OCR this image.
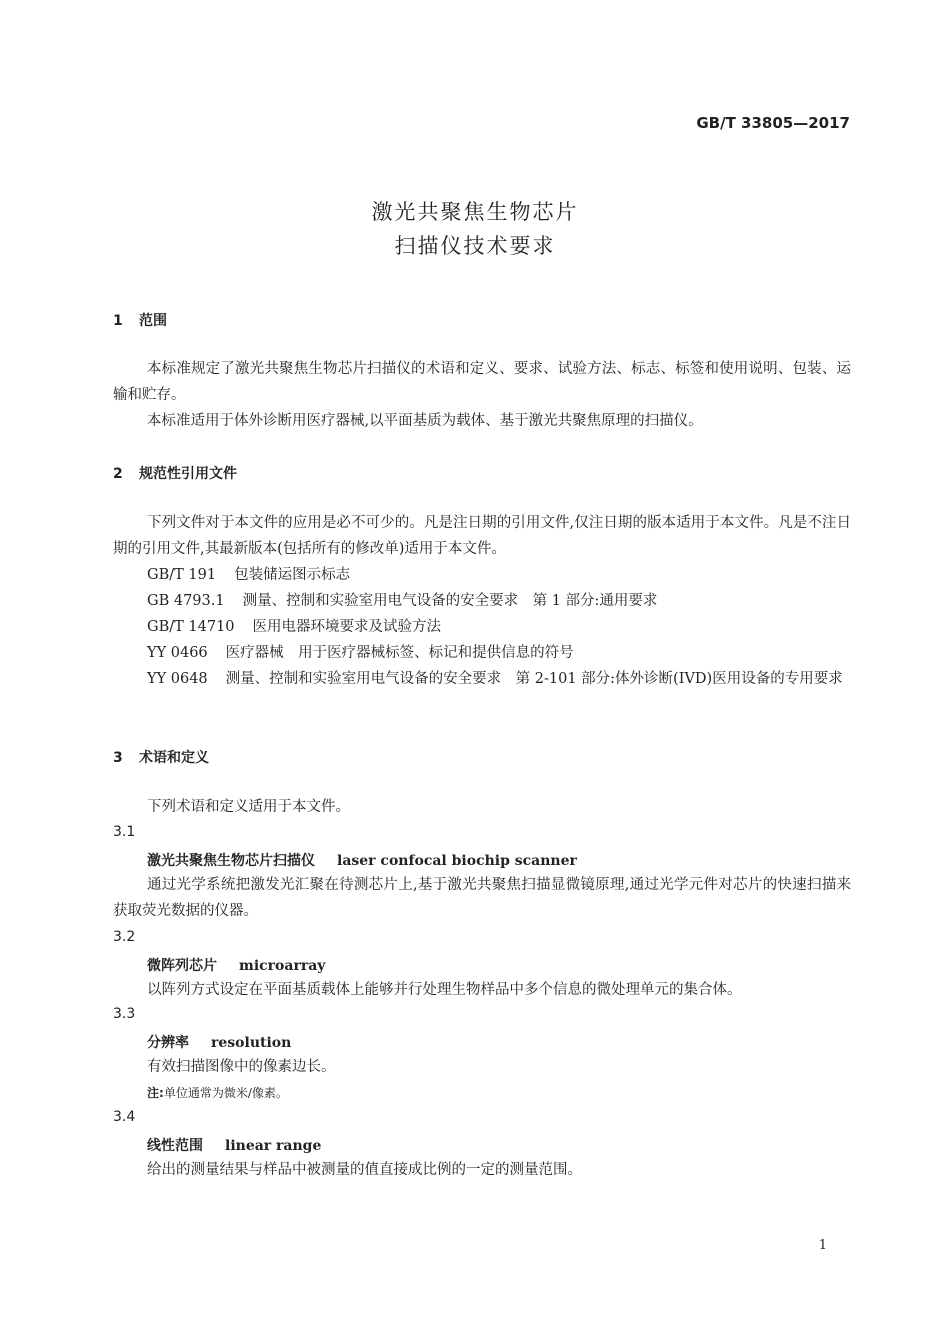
GB/T 33805—2017
激光共聚焦生物芯片
扫描仪技术要求
1 范围
本标准规定了激光共聚焦生物芯片扫描仪的术语和定义、要求、试验方法、标志、标签和使用说明、包装、运输和贮存。
本标准适用于体外诊断用医疗器械,以平面基质为载体、基于激光共聚焦原理的扫描仪。
2 规范性引用文件
下列文件对于本文件的应用是必不可少的。凡是注日期的引用文件,仅注日期的版本适用于本文件。凡是不注日期的引用文件,其最新版本(包括所有的修改单)适用于本文件。
GB/T 191 包装储运图示标志
GB 4793.1 测量、控制和实验室用电气设备的安全要求　第 1 部分:通用要求
GB/T 14710 医用电器环境要求及试验方法
YY 0466 医疗器械　用于医疗器械标签、标记和提供信息的符号
YY 0648 测量、控制和实验室用电气设备的安全要求　第 2-101 部分:体外诊断(IVD)医用设备的专用要求
3 术语和定义
下列术语和定义适用于本文件。
3.1
激光共聚焦生物芯片扫描仪 laser confocal biochip scanner
通过光学系统把激发光汇聚在待测芯片上,基于激光共聚焦扫描显微镜原理,通过光学元件对芯片的快速扫描来获取荧光数据的仪器。
3.2
微阵列芯片 microarray
以阵列方式设定在平面基质载体上能够并行处理生物样品中多个信息的微处理单元的集合体。
3.3
分辨率 resolution
有效扫描图像中的像素边长。
注:单位通常为微米/像素。
3.4
线性范围 linear range
给出的测量结果与样品中被测量的值直接成比例的一定的测量范围。
1
